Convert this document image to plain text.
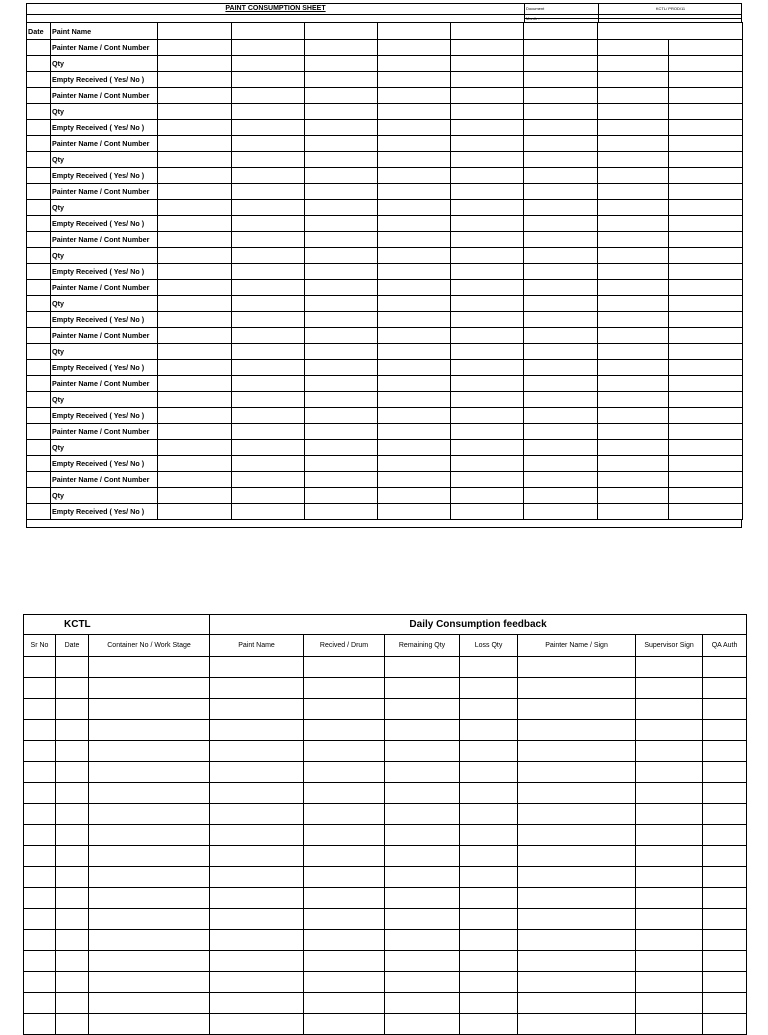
PAINT CONSUMPTION SHEET	Document	KCTL/ PROD/11
Month -
Date	Paint Name								
	Painter Name / Cont Number								
	Qty								
	Empty Received ( Yes/ No )								
	Painter Name / Cont Number								
	Qty								
	Empty Received ( Yes/ No )								
	Painter Name / Cont Number								
	Qty								
	Empty Received ( Yes/ No )								
	Painter Name / Cont Number								
	Qty								
	Empty Received ( Yes/ No )								
	Painter Name / Cont Number								
	Qty								
	Empty Received ( Yes/ No )								
	Painter Name / Cont Number								
	Qty								
	Empty Received ( Yes/ No )								
	Painter Name / Cont Number								
	Qty								
	Empty Received ( Yes/ No )								
	Painter Name / Cont Number								
	Qty								
	Empty Received ( Yes/ No )								
	Painter Name / Cont Number								
	Qty								
	Empty Received ( Yes/ No )								
	Painter Name / Cont Number								
	Qty								
	Empty Received ( Yes/ No )								
KCTL			Daily Consumption feedback						
Sr No	Date	Container No / Work Stage	Paint Name	Recived / Drum	Remaining Qty	Loss Qty	Painter Name / Sign	Supervisor Sign	QA Auth
